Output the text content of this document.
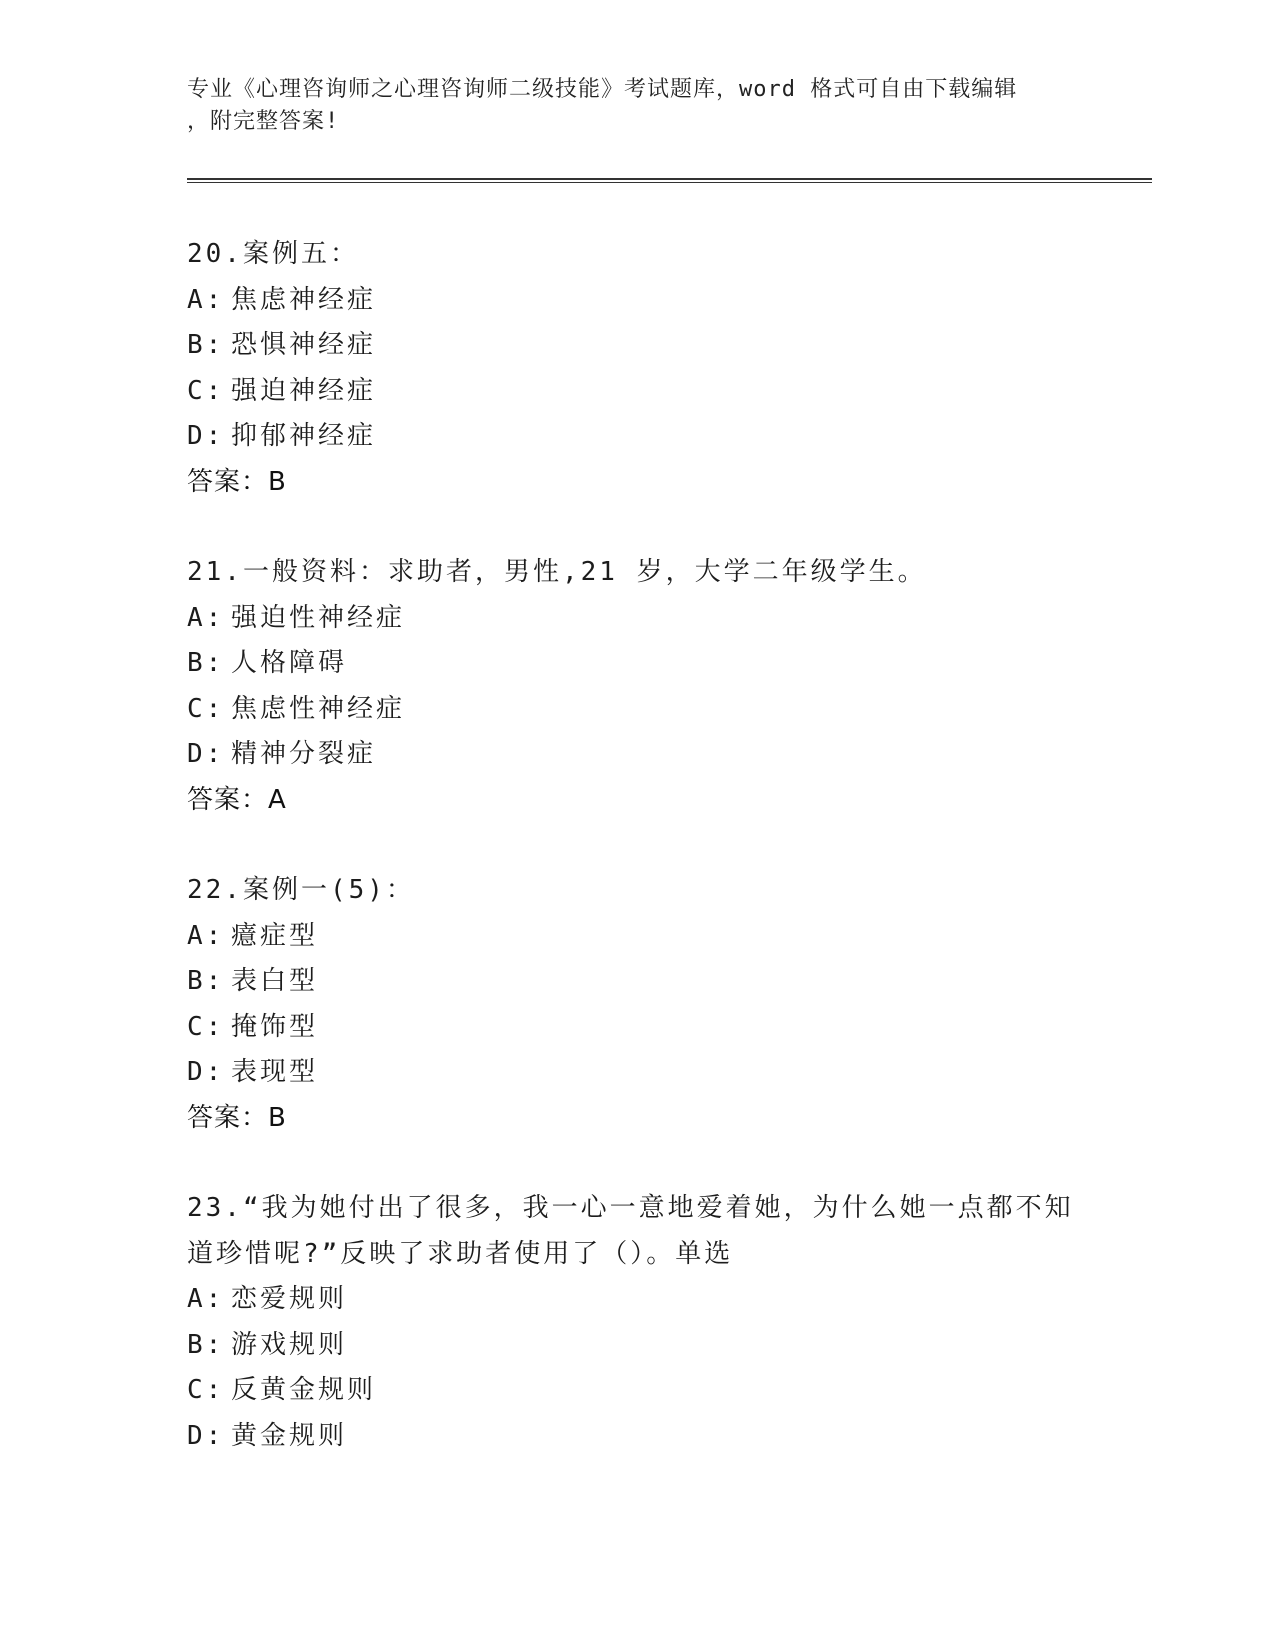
专业《心理咨询师之心理咨询师二级技能》考试题库，word 格式可自由下载编辑
，附完整答案!
20.案例五：
A: 焦虑神经症
B: 恐惧神经症
C: 强迫神经症
D: 抑郁神经症
答案：B
21.一般资料：求助者，男性,21 岁，大学二年级学生。
A: 强迫性神经症
B: 人格障碍
C: 焦虑性神经症
D: 精神分裂症
答案：A
22.案例一(5)：
A: 癔症型
B: 表白型
C: 掩饰型
D: 表现型
答案：B
23.“我为她付出了很多，我一心一意地爱着她，为什么她一点都不知
道珍惜呢?”反映了求助者使用了（）。单选
A: 恋爱规则
B: 游戏规则
C: 反黄金规则
D: 黄金规则
